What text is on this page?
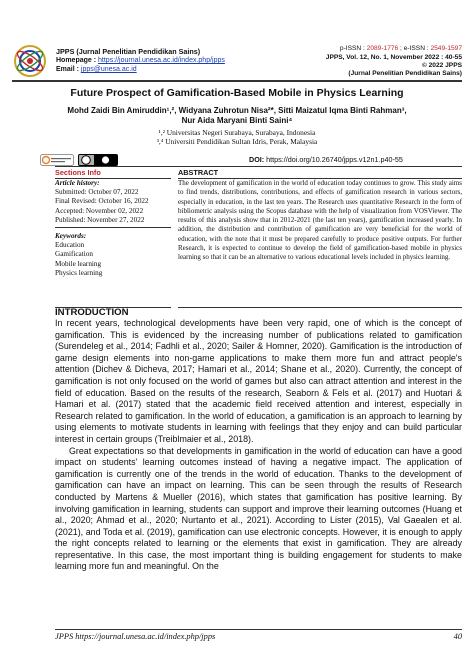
JPPS (Jurnal Penelitian Pendidikan Sains)
Homepage : https://journal.unesa.ac.id/index.php/jpps
Email : jpps@unesa.ac.id
p-ISSN : 2089-1776 ; e-ISSN : 2549-1597
JPPS, Vol. 12, No. 1, November 2022 : 40-55
© 2022 JPPS
(Jurnal Penelitian Pendidikan Sains)
Future Prospect of Gamification-Based Mobile in Physics Learning
Mohd Zaidi Bin Amiruddin¹,², Widyana Zuhrotun Nisa²*, Sitti Maizatul Iqma Binti Rahman³,
Nur Aida Maryani Binti Saini⁴
¹,² Universitas Negeri Surabaya, Surabaya, Indonesia
³,⁴ Universiti Pendidikan Sultan Idris, Perak, Malaysia
DOI: https://doi.org/10.26740/jpps.v12n1.p40-55
Sections Info	ABSTRACT
Article history:
Submitted: October 07, 2022
Final Revised: October 16, 2022
Accepted: November 02, 2022
Published: November 27, 2022
Keywords:
Education
Gamification
Mobile learning
Physics learning
The development of gamification in the world of education today continues to grow. This study aims to find trends, distributions, contributions, and effects of gamification research in various sectors, especially in education, in the last ten years. The Research uses quantitative Research in the form of bibliometric analysis using the Scopus database with the help of visualization from VOSViewer. The results of this analysis show that in 2012-2021 (the last ten years), gamification increased yearly. In addition, the distribution and contribution of gamification are very beneficial for the world of education, with the note that it must be prepared carefully to produce positive outputs. For further Research, it is expected to continue to develop the field of gamification-based mobile in physics learning so that it can be an alternative to various educational levels included in physics learning.
INTRODUCTION

In recent years, technological developments have been very rapid, one of which is the concept of gamification. This is evidenced by the increasing number of publications related to gamification (Surendeleg et al., 2014; Fadhli et al., 2020; Sailer & Homner, 2020). Gamification is the introduction of game design elements into non-game applications to make them more fun and attract people's attention (Dichev & Dicheva, 2017; Hamari et al., 2014; Shane et al., 2020). Currently, the concept of gamification is not only focused on the world of games but also can attract attention and interest in the field of education. Based on the results of the research, Seaborn & Fels et al. (2017) and Huotari & Hamari et al. (2017) stated that the academic field received attention and interest, especially in Research related to gamification. In the world of education, a gamification is an approach to learning by using elements to motivate students in learning with feelings that they enjoy and can build particular interest in certain groups (Treiblmaier et al., 2018).

Great expectations so that developments in gamification in the world of education can have a good impact on students' learning outcomes instead of having a negative impact. The application of gamification is currently one of the trends in the world of education. Thanks to the development of gamification can have an impact on learning. This can be seen through the results of Research conducted by Martens & Mueller (2016), which states that gamification has positive learning. By involving gamification in learning, students can support and improve their learning outcomes (Huang et al., 2020; Ahmad et al., 2020; Nurtanto et al., 2021). According to Lister (2015), Val Gaealen et al. (2021), and Toda et al. (2019), gamification can use electronic concepts. However, it is enough to apply the right concepts related to learning or the elements that exist in gamification. They are already representative. In this case, the most important thing is building engagement for students to make learning more fun and meaningful. On the

JPPS https://journal.unesa.ac.id/index.php/jpps	40
